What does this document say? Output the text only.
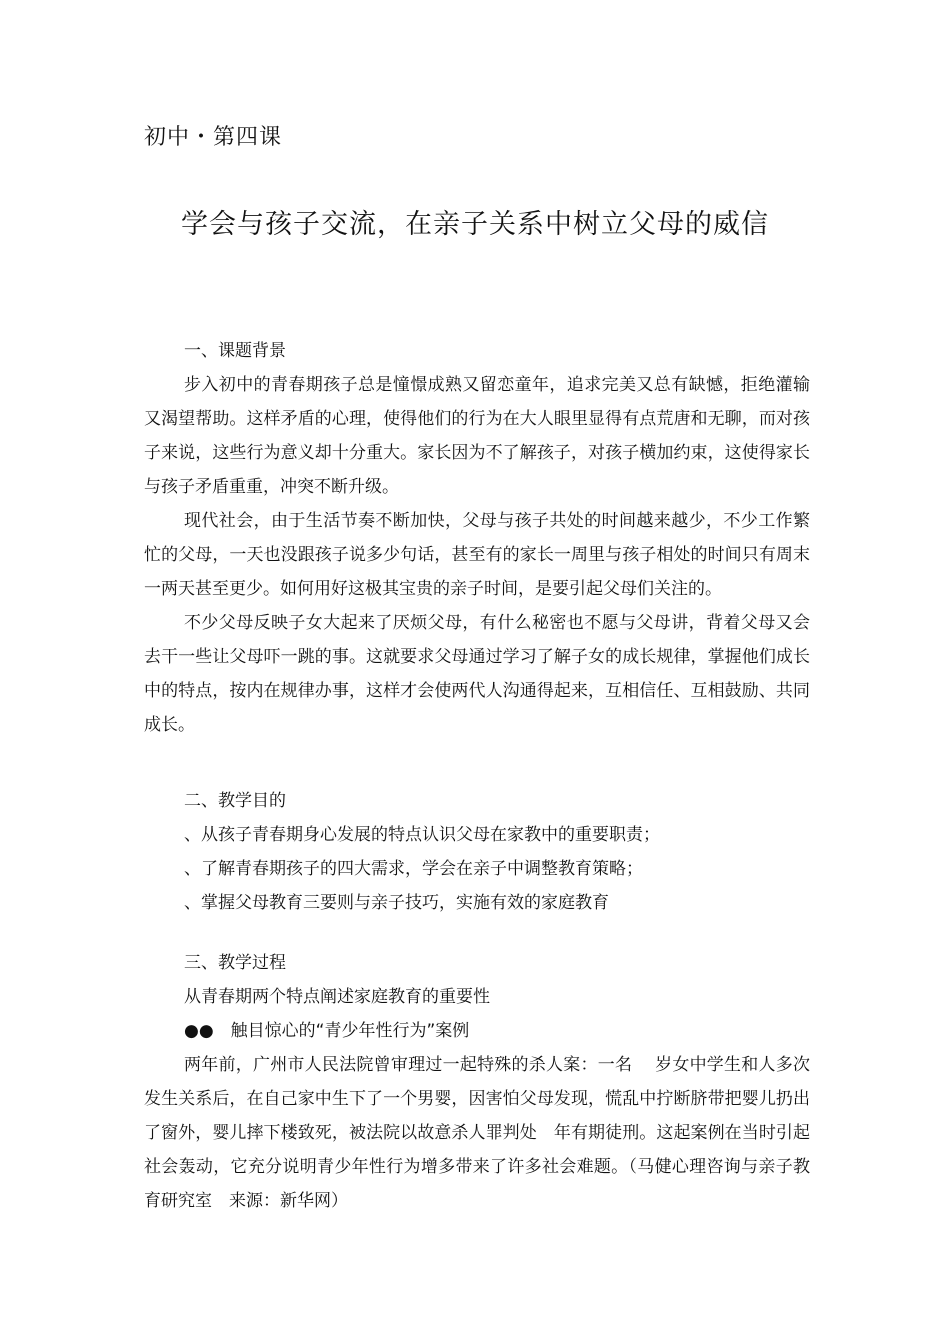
初中・第四课
学会与孩子交流，在亲子关系中树立父母的威信
一、课题背景

步入初中的青春期孩子总是憧憬成熟又留恋童年，追求完美又总有缺憾，拒绝灌输又渴望帮助。这样矛盾的心理，使得他们的行为在大人眼里显得有点荒唐和无聊，而对孩子来说，这些行为意义却十分重大。家长因为不了解孩子，对孩子横加约束，这使得家长与孩子矛盾重重，冲突不断升级。

现代社会，由于生活节奏不断加快，父母与孩子共处的时间越来越少，不少工作繁忙的父母，一天也没跟孩子说多少句话，甚至有的家长一周里与孩子相处的时间只有周末一两天甚至更少。如何用好这极其宝贵的亲子时间，是要引起父母们关注的。

不少父母反映子女大起来了厌烦父母，有什么秘密也不愿与父母讲，背着父母又会去干一些让父母吓一跳的事。这就要求父母通过学习了解子女的成长规律，掌握他们成长中的特点，按内在规律办事，这样才会使两代人沟通得起来，互相信任、互相鼓励、共同成长。

二、教学目的
、从孩子青春期身心发展的特点认识父母在家教中的重要职责；
、了解青春期孩子的四大需求，学会在亲子中调整教育策略；
、掌握父母教育三要则与亲子技巧，实施有效的家庭教育
三、教学过程
从青春期两个特点阐述家庭教育的重要性
●●　触目惊心的“青少年性行为”案例

两年前，广州市人民法院曾审理过一起特殊的杀人案：一名　 岁女中学生和人多次发生关系后，在自己家中生下了一个男婴，因害怕父母发现，慌乱中拧断脐带把婴儿扔出了窗外，婴儿摔下楼致死，被法院以故意杀人罪判处　年有期徒刑。这起案例在当时引起社会轰动，它充分说明青少年性行为增多带来了许多社会难题。（马健心理咨询与亲子教育研究室　来源：新华网）
